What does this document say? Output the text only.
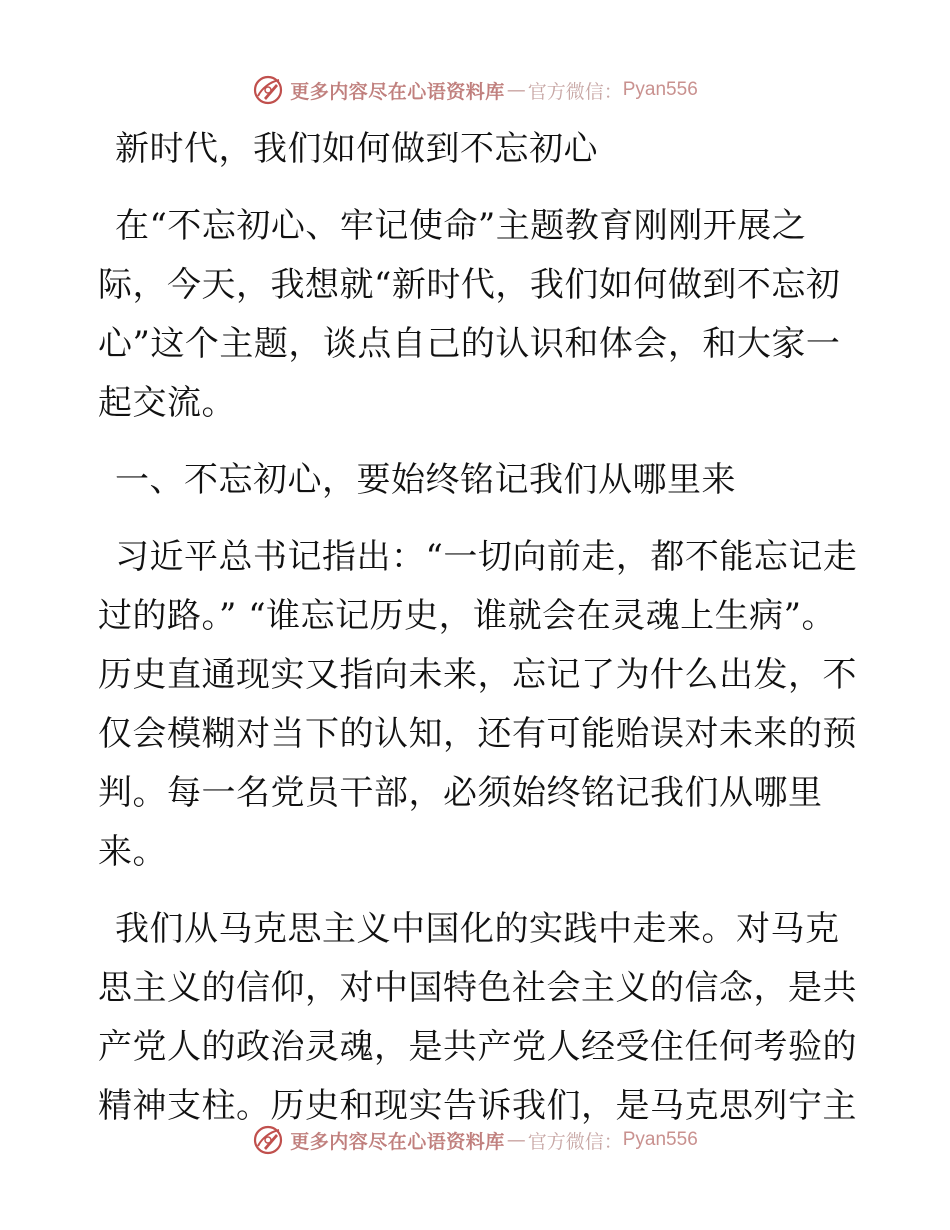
更多内容尽在心语资料库 — 官方微信： Pyan556

新时代，我们如何做到不忘初心

在“不忘初心、牢记使命”主题教育刚刚开展之际，今天，我想就“新时代，我们如何做到不忘初心”这个主题，谈点自己的认识和体会，和大家一起交流。

一、不忘初心，要始终铭记我们从哪里来

习近平总书记指出：“一切向前走，都不能忘记走过的路。” “谁忘记历史，谁就会在灵魂上生病”。历史直通现实又指向未来，忘记了为什么出发，不仅会模糊对当下的认知，还有可能贻误对未来的预判。每一名党员干部，必须始终铭记我们从哪里来。

我们从马克思主义中国化的实践中走来。对马克思主义的信仰，对中国特色社会主义的信念，是共产党人的政治灵魂，是共产党人经受住任何考验的精神支柱。历史和现实告诉我们，是马克思列宁主

更多内容尽在心语资料库 — 官方微信： Pyan556
